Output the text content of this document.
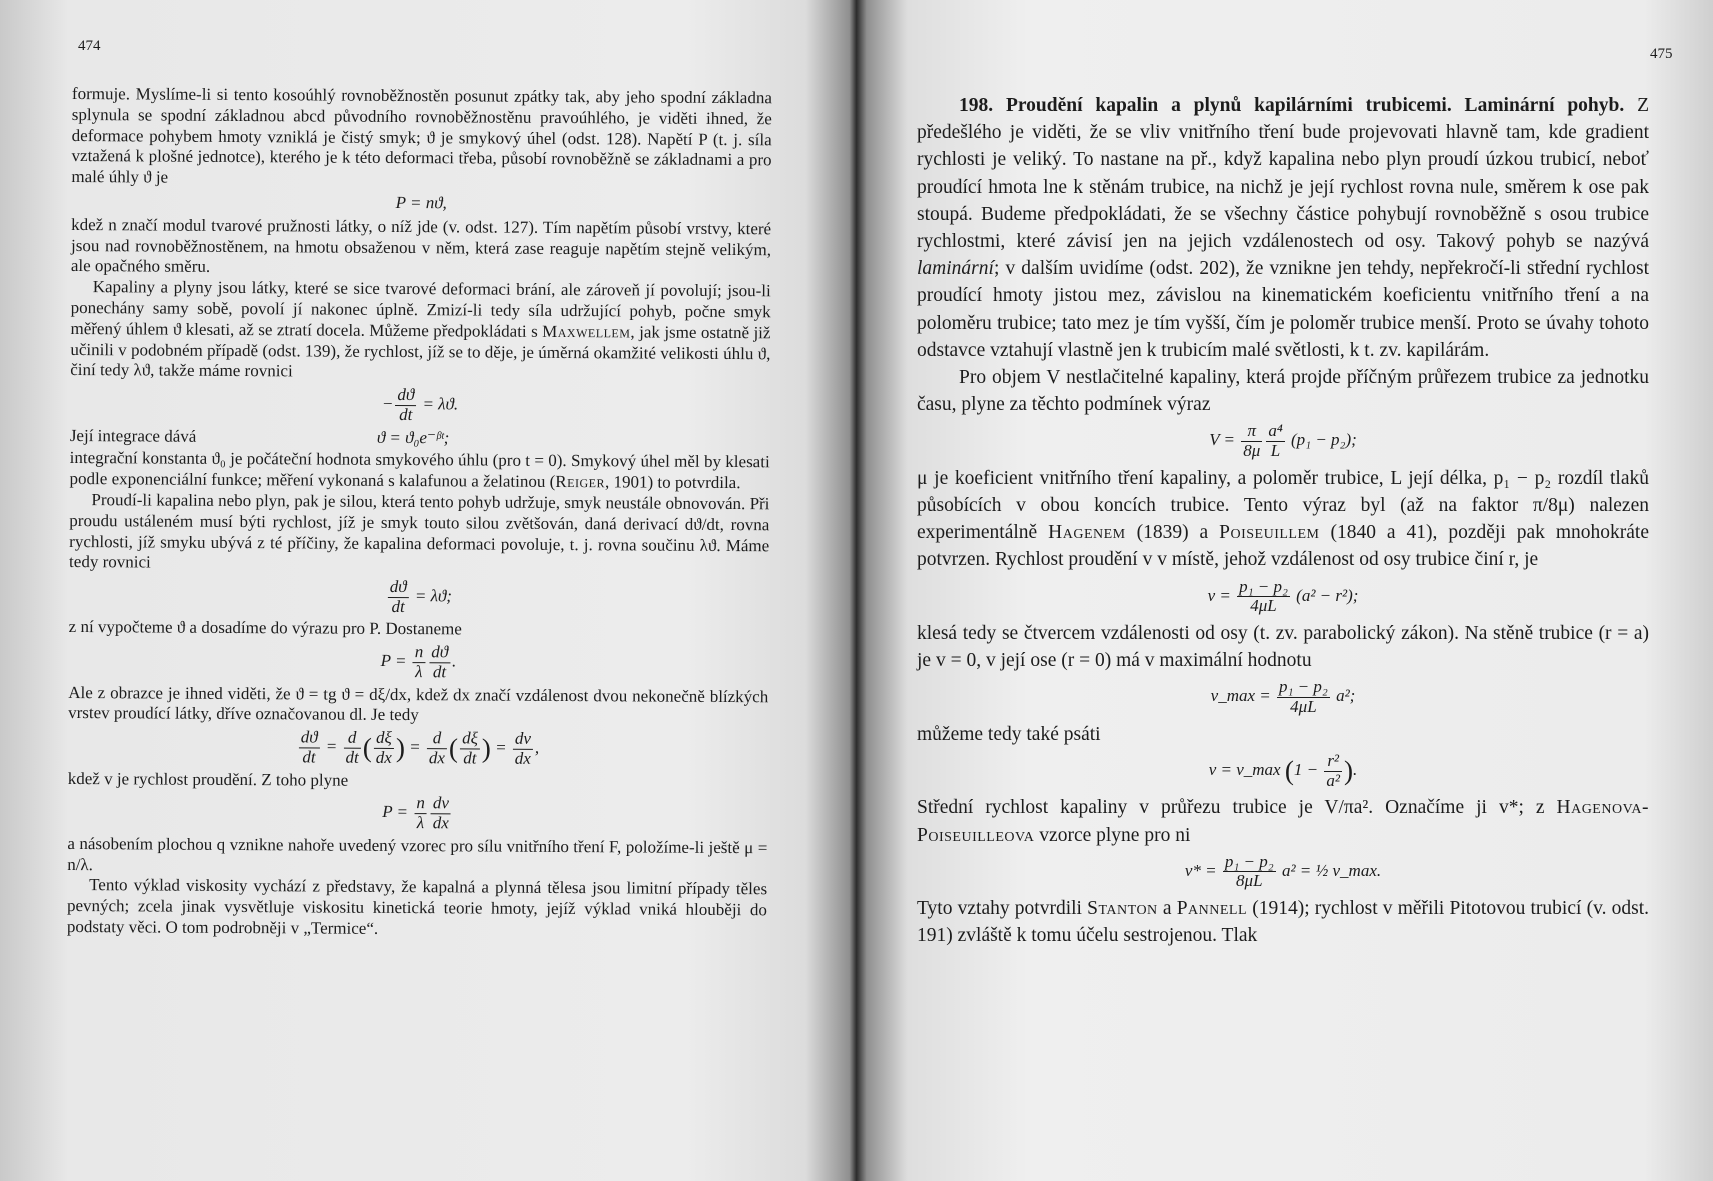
474

formuje. Myslíme-li si tento kosoúhlý rovnoběžnostěn posunut zpátky tak, aby jeho spodní základna splynula se spodní základnou abcd původního rovnoběžnostěnu pravoúhlého, je viděti ihned, že deformace pohybem hmoty vzniklá je čistý smyk; ϑ je smykový úhel (odst. 128). Napětí P (t. j. síla vztažená k plošné jednotce), kterého je k této deformaci třeba, působí rovnoběžně se základnami a pro malé úhly ϑ je

P = nϑ,

kdež n značí modul tvarové pružnosti látky, o níž jde (v. odst. 127). Tím napětím působí vrstvy, které jsou nad rovnoběžnostěnem, na hmotu obsaženou v něm, která zase reaguje napětím stejně velikým, ale opačného směru.

Kapaliny a plyny jsou látky, které se sice tvarové deformaci brání, ale zároveň jí povolují; jsou-li ponechány samy sobě, povolí jí nakonec úplně. Zmizí-li tedy síla udržující pohyb, počne smyk měřený úhlem ϑ klesati, až se ztratí docela. Můžeme předpokládati s Maxwellem, jak jsme ostatně již učinili v podobném případě (odst. 139), že rychlost, jíž se to děje, je úměrná okamžité velikosti úhlu ϑ, činí tedy λϑ, takže máme rovnici

− $\frac{dϑ}{dt} = \lambda ϑ$.
Její integrace dává	ϑ = ϑ₀e⁻ᵝᵗ;

integrační konstanta ϑ₀ je počáteční hodnota smykového úhlu (pro t = 0). Smykový úhel měl by klesati podle exponenciální funkce; měření vykonaná s kalafunou a želatinou (Reiger, 1901) to potvrdila.

Proudí-li kapalina nebo plyn, pak je silou, která tento pohyb udržuje, smyk neustále obnovován. Při proudu ustáleném musí býti rychlost, jíž je smyk touto silou zvětšován, daná derivací dϑ/dt, rovna rychlosti, jíž smyku ubývá z té příčiny, že kapalina deformaci povoluje, t. j. rovna součinu λϑ. Máme tedy rovnici

$\frac{dϑ}{dt} = \lambda ϑ$;

z ní vypočteme ϑ a dosadíme do výrazu pro P. Dostaneme

$P = \frac{n}{\lambda} \frac{dϑ}{dt}$ .

Ale z obrazce je ihned viděti, že ϑ = tg ϑ = dξ/dx, kdež dx značí vzdálenost dvou nekonečně blízkých vrstev proudící látky, dříve označovanou dl. Je tedy

$\frac{dϑ}{dt} = \frac{d}{dt}$ ( $\frac{d\xi}{dx}$ ) = $\frac{d}{dx}$ ( $\frac{d\xi}{dt}$ ) = $\frac{dv}{dx}$ ,

kdež v je rychlost proudění. Z toho plyne

$P = \frac{n}{\lambda} \frac{dv}{dx}$

a násobením plochou q vznikne nahoře uvedený vzorec pro sílu vnitřního tření F, položíme-li ještě μ = n/λ.

Tento výklad viskosity vychází z představy, že kapalná a plynná tělesa jsou limitní případy těles pevných; zcela jinak vysvětluje viskositu kinetická teorie hmoty, jejíž výklad vniká hlouběji do podstaty věci. O tom podrobněji v „Termice“.

475

198. Proudění kapalin a plynů kapilárními trubicemi. Laminární pohyb. Z předešlého je viděti, že se vliv vnitřního tření bude projevovati hlavně tam, kde gradient rychlosti je veliký. To nastane na př., když kapalina nebo plyn proudí úzkou trubicí, neboť proudící hmota lne k stěnám trubice, na nichž je její rychlost rovna nule, směrem k ose pak stoupá. Budeme předpokládati, že se všechny částice pohybují rovnoběžně s osou trubice rychlostmi, které závisí jen na jejich vzdálenostech od osy. Takový pohyb se nazývá laminární; v dalším uvidíme (odst. 202), že vznikne jen tehdy, nepřekročí-li střední rychlost proudící hmoty jistou mez, závislou na kinematickém koeficientu vnitřního tření a na poloměru trubice; tato mez je tím vyšší, čím je poloměr trubice menší. Proto se úvahy tohoto odstavce vztahují vlastně jen k trubicím malé světlosti, k t. zv. kapilárám.

Pro objem V nestlačitelné kapaliny, která projde příčným průřezem trubice za jednotku času, plyne za těchto podmínek výraz

$V = \frac{\pi}{8\mu} \frac{\text{a⁴}}{L} (p_1 - p_2)$;

μ je koeficient vnitřního tření kapaliny, a poloměr trubice, L její délka, p₁ − p₂ rozdíl tlaků působících v obou koncích trubice. Tento výraz byl (až na faktor π/8μ) nalezen experimentálně Hagenem (1839) a Poiseuillem (1840 a 41), později pak mnohokráte potvrzen. Rychlost proudění v v místě, jehož vzdálenost od osy trubice činí r, je

$v = \frac{\text{p₁ − p₂}}{4\mu L} (a^2 - r^2)$;

klesá tedy se čtvercem vzdálenosti od osy (t. zv. parabolický zákon). Na stěně trubice (r = a) je v = 0, v její ose (r = 0) má v maximální hodnotu

v_max = $\frac{\text{p₁ − p₂}}{4\mu L} a^2$;

můžeme tedy také psáti

v = v_max ($1 - \frac{\text{r²}}{\text{a²}}$ ).

Střední rychlost kapaliny v průřezu trubice je V/πa². Označíme ji v*; z Hagenova-Poiseuilleova vzorce plyne pro ni

$v* = \frac{\text{p₁ − p₂}}{8\mu L} a^2$ = ½ v_max.

Tyto vztahy potvrdili Stanton a Pannell (1914); rychlost v měřili Pitotovou trubicí (v. odst. 191) zvláště k tomu účelu sestrojenou. Tlak
